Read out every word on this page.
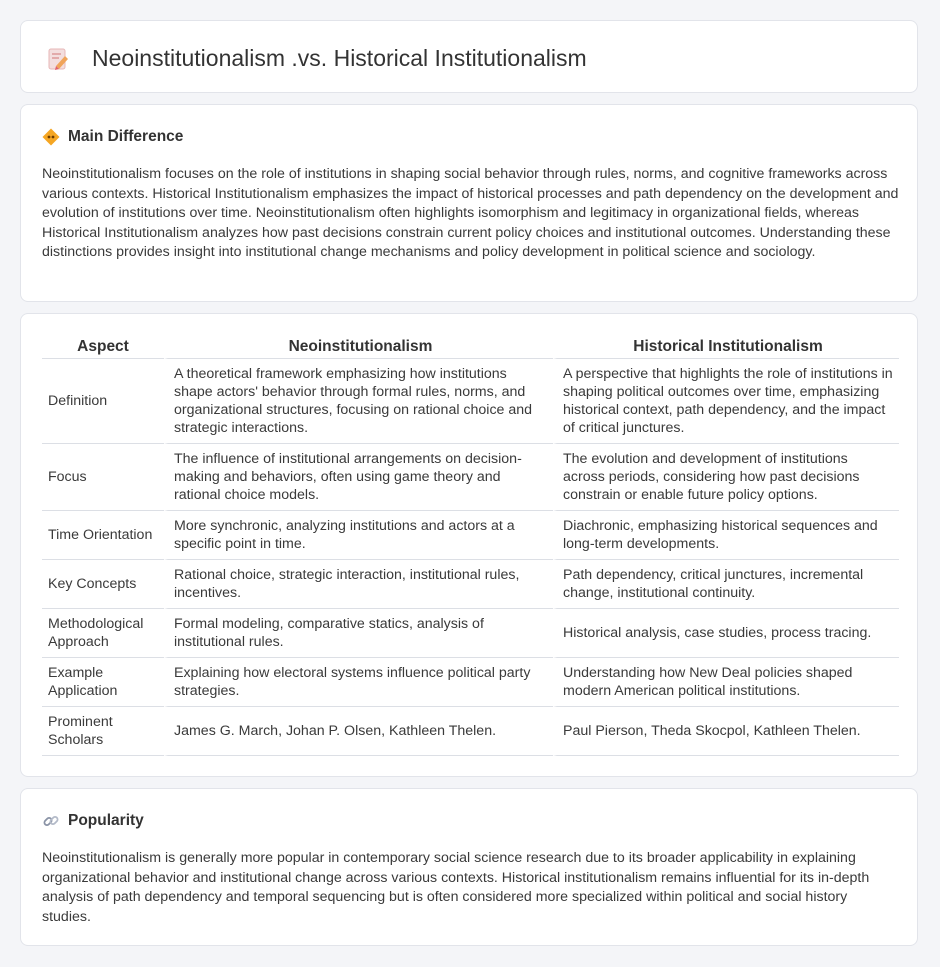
Neoinstitutionalism .vs. Historical Institutionalism
Main Difference

Neoinstitutionalism focuses on the role of institutions in shaping social behavior through rules, norms, and cognitive frameworks across various contexts. Historical Institutionalism emphasizes the impact of historical processes and path dependency on the development and evolution of institutions over time. Neoinstitutionalism often highlights isomorphism and legitimacy in organizational fields, whereas Historical Institutionalism analyzes how past decisions constrain current policy choices and institutional outcomes. Understanding these distinctions provides insight into institutional change mechanisms and policy development in political science and sociology.

Aspect	Neoinstitutionalism	Historical Institutionalism
Definition	A theoretical framework emphasizing how institutions shape actors' behavior through formal rules, norms, and organizational structures, focusing on rational choice and strategic interactions.	A perspective that highlights the role of institutions in shaping political outcomes over time, emphasizing historical context, path dependency, and the impact of critical junctures.
Focus	The influence of institutional arrangements on decision-making and behaviors, often using game theory and rational choice models.	The evolution and development of institutions across periods, considering how past decisions constrain or enable future policy options.
Time Orientation	More synchronic, analyzing institutions and actors at a specific point in time.	Diachronic, emphasizing historical sequences and long-term developments.
Key Concepts	Rational choice, strategic interaction, institutional rules, incentives.	Path dependency, critical junctures, incremental change, institutional continuity.
Methodological Approach	Formal modeling, comparative statics, analysis of institutional rules.	Historical analysis, case studies, process tracing.
Example Application	Explaining how electoral systems influence political party strategies.	Understanding how New Deal policies shaped modern American political institutions.
Prominent Scholars	James G. March, Johan P. Olsen, Kathleen Thelen.	Paul Pierson, Theda Skocpol, Kathleen Thelen.
Popularity

Neoinstitutionalism is generally more popular in contemporary social science research due to its broader applicability in explaining organizational behavior and institutional change across various contexts. Historical institutionalism remains influential for its in-depth analysis of path dependency and temporal sequencing but is often considered more specialized within political and social history studies.
